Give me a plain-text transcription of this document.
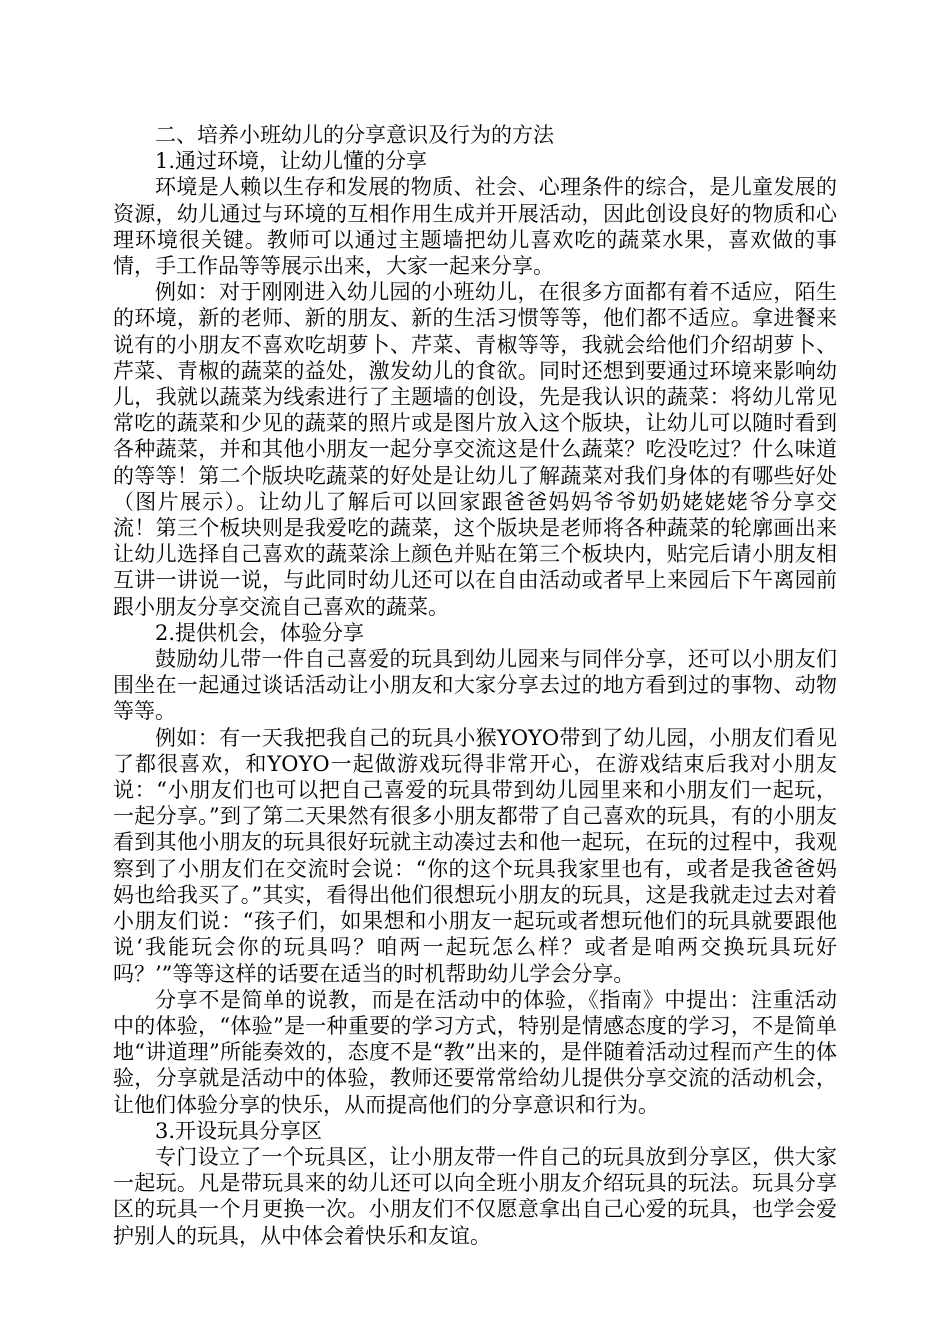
二、培养小班幼儿的分享意识及行为的方法

1.通过环境，让幼儿懂的分享

环境是人赖以生存和发展的物质、社会、心理条件的综合，是儿童发展的资源，幼儿通过与环境的互相作用生成并开展活动，因此创设良好的物质和心理环境很关键。教师可以通过主题墙把幼儿喜欢吃的蔬菜水果，喜欢做的事情，手工作品等等展示出来，大家一起来分享。

例如：对于刚刚进入幼儿园的小班幼儿，在很多方面都有着不适应，陌生的环境，新的老师、新的朋友、新的生活习惯等等，他们都不适应。拿进餐来说有的小朋友不喜欢吃胡萝卜、芹菜、青椒等等，我就会给他们介绍胡萝卜、芹菜、青椒的蔬菜的益处，激发幼儿的食欲。同时还想到要通过环境来影响幼儿，我就以蔬菜为线索进行了主题墙的创设，先是我认识的蔬菜：将幼儿常见常吃的蔬菜和少见的蔬菜的照片或是图片放入这个版块，让幼儿可以随时看到各种蔬菜，并和其他小朋友一起分享交流这是什么蔬菜？吃没吃过？什么味道的等等！第二个版块吃蔬菜的好处是让幼儿了解蔬菜对我们身体的有哪些好处（图片展示）。让幼儿了解后可以回家跟爸爸妈妈爷爷奶奶姥姥姥爷分享交流！第三个板块则是我爱吃的蔬菜，这个版块是老师将各种蔬菜的轮廓画出来让幼儿选择自己喜欢的蔬菜涂上颜色并贴在第三个板块内，贴完后请小朋友相互讲一讲说一说，与此同时幼儿还可以在自由活动或者早上来园后下午离园前跟小朋友分享交流自己喜欢的蔬菜。

2.提供机会，体验分享

鼓励幼儿带一件自己喜爱的玩具到幼儿园来与同伴分享，还可以小朋友们围坐在一起通过谈话活动让小朋友和大家分享去过的地方看到过的事物、动物等等。

例如：有一天我把我自己的玩具小猴YOYO带到了幼儿园，小朋友们看见了都很喜欢，和YOYO一起做游戏玩得非常开心，在游戏结束后我对小朋友说：“小朋友们也可以把自己喜爱的玩具带到幼儿园里来和小朋友们一起玩，一起分享。”到了第二天果然有很多小朋友都带了自己喜欢的玩具，有的小朋友看到其他小朋友的玩具很好玩就主动凑过去和他一起玩，在玩的过程中，我观察到了小朋友们在交流时会说：“你的这个玩具我家里也有，或者是我爸爸妈妈也给我买了。”其实，看得出他们很想玩小朋友的玩具，这是我就走过去对着小朋友们说：“孩子们，如果想和小朋友一起玩或者想玩他们的玩具就要跟他说‘我能玩会你的玩具吗？咱两一起玩怎么样？或者是咱两交换玩具玩好吗？’”等等这样的话要在适当的时机帮助幼儿学会分享。

分享不是简单的说教，而是在活动中的体验，《指南》中提出：注重活动中的体验，“体验”是一种重要的学习方式，特别是情感态度的学习，不是简单地“讲道理”所能奏效的，态度不是“教”出来的，是伴随着活动过程而产生的体验，分享就是活动中的体验，教师还要常常给幼儿提供分享交流的活动机会，让他们体验分享的快乐，从而提高他们的分享意识和行为。

3.开设玩具分享区

专门设立了一个玩具区，让小朋友带一件自己的玩具放到分享区，供大家一起玩。凡是带玩具来的幼儿还可以向全班小朋友介绍玩具的玩法。玩具分享区的玩具一个月更换一次。小朋友们不仅愿意拿出自己心爱的玩具，也学会爱护别人的玩具，从中体会着快乐和友谊。
